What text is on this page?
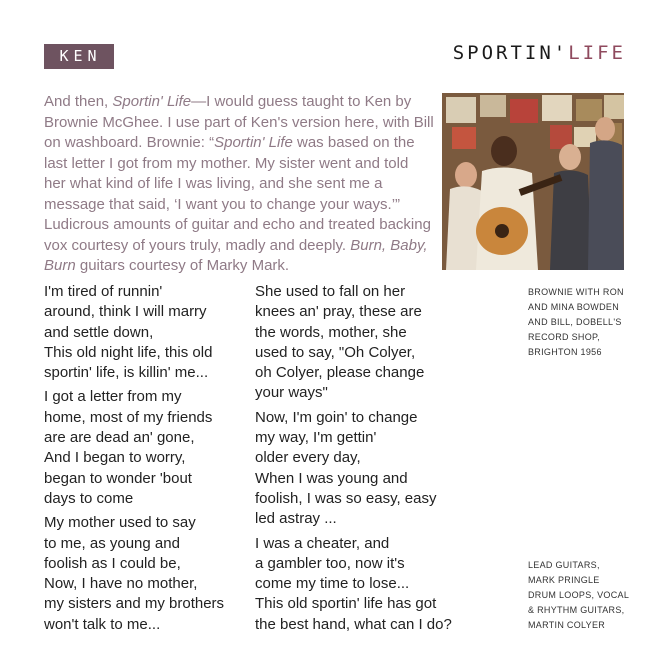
KEN	SPORTIN'LIFE
And then, Sportin' Life—I would guess taught to Ken by Brownie McGhee. I use part of Ken's version here, with Bill on washboard. Brownie: “Sportin' Life was based on the last letter I got from my mother. My sister went and told her what kind of life I was living, and she sent me a message that said, ‘I want you to change your ways.’” Ludicrous amounts of guitar and echo and treated backing vox courtesy of yours truly, madly and deeply. Burn, Baby, Burn guitars courtesy of Marky Mark.
BROWNIE WITH RON
AND MINA BOWDEN
AND BILL, DOBELL'S
RECORD SHOP,
BRIGHTON 1956
LEAD GUITARS,
MARK PRINGLE
DRUM LOOPS, VOCAL
& RHYTHM GUITARS,
MARTIN COLYER
I'm tired of runnin'
around, think I will marry
and settle down,
This old night life, this old
sportin' life, is killin' me...
I got a letter from my
home, most of my friends
are are dead an' gone,
And I began to worry,
began to wonder 'bout
days to come
My mother used to say
to me, as young and
foolish as I could be,
Now, I have no mother,
my sisters and my brothers
won't talk to me...
She used to fall on her
knees an' pray, these are
the words, mother, she
used to say, "Oh Colyer,
oh Colyer, please change
your ways"
Now, I'm goin' to change
my way, I'm gettin'
older every day,
When I was young and
foolish, I was so easy, easy
led astray ...
I was a cheater, and
a gambler too, now it's
come my time to lose...
This old sportin' life has got
the best hand, what can I do?
